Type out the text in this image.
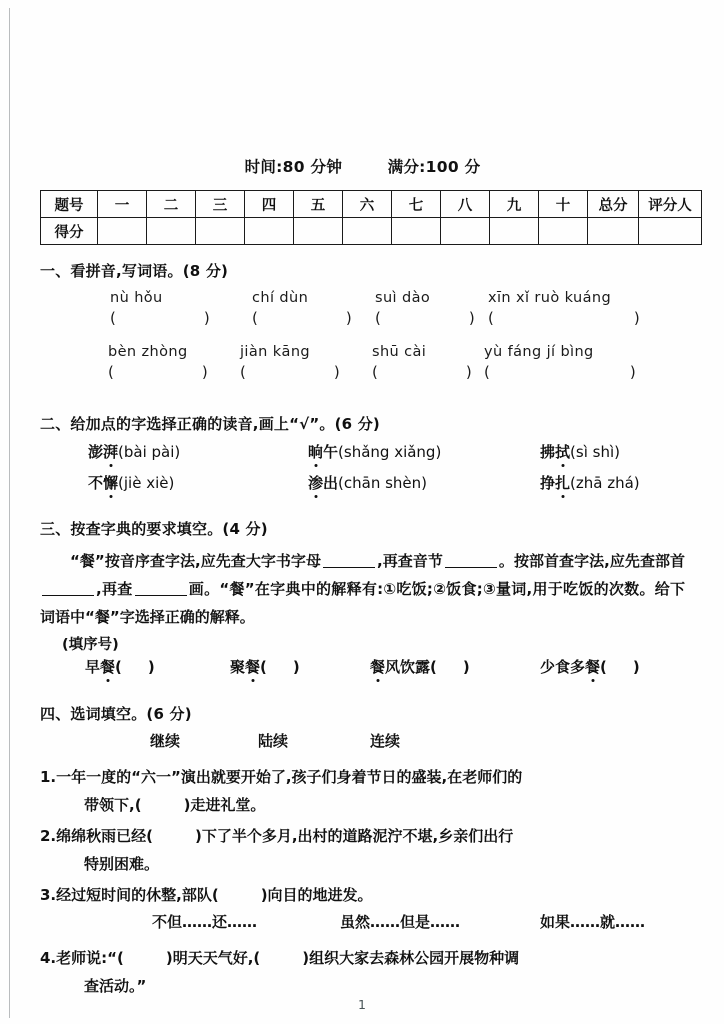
时间:80 分钟	满分:100 分
题号	一	二	三	四	五	六	七	八	九	十	总分	评分人
得分												
一、看拼音,写词语。(8 分)
nù hǒu
(	)
chí dùn
(	)
suì dào
(	)
xīn xǐ ruò kuáng
(	)
bèn zhòng
(	)
jiàn kāng
(	)
shū cài
(	)
yù fáng jí bìng
(	)
二、给加点的字选择正确的读音,画上“√”。(6 分)
澎湃(bài pài)	晌午(shǎng xiǎng)	拂拭(sì shì)
不懈(jiè xiè)	渗出(chān shèn)	挣扎(zhā zhá)
三、按查字典的要求填空。(4 分)
“餐”按音序查字法,应先查大字书字母	,再查音节	。按部首查字法,应先查部首,再查	画。“餐”在字典中的解释有:①吃饭;②饭食;③量词,用于吃饭的次数。给下词语中“餐”字选择正确的解释。
(填序号)
早餐( )	聚餐( )	餐风饮露( )	少食多餐( )
四、选词填空。(6 分)
继续	陆续	连续
1.一年一度的“六一”演出就要开始了,孩子们身着节日的盛装,在老师们的
带领下,(	)走进礼堂。
2.绵绵秋雨已经(	)下了半个多月,出村的道路泥泞不堪,乡亲们出行
特别困难。
3.经过短时间的休整,部队(	)向目的地进发。
不但……还……	虽然……但是……	如果……就……
4.老师说:“(	)明天天气好,(	)组织大家去森林公园开展物种调
查活动。”
1
